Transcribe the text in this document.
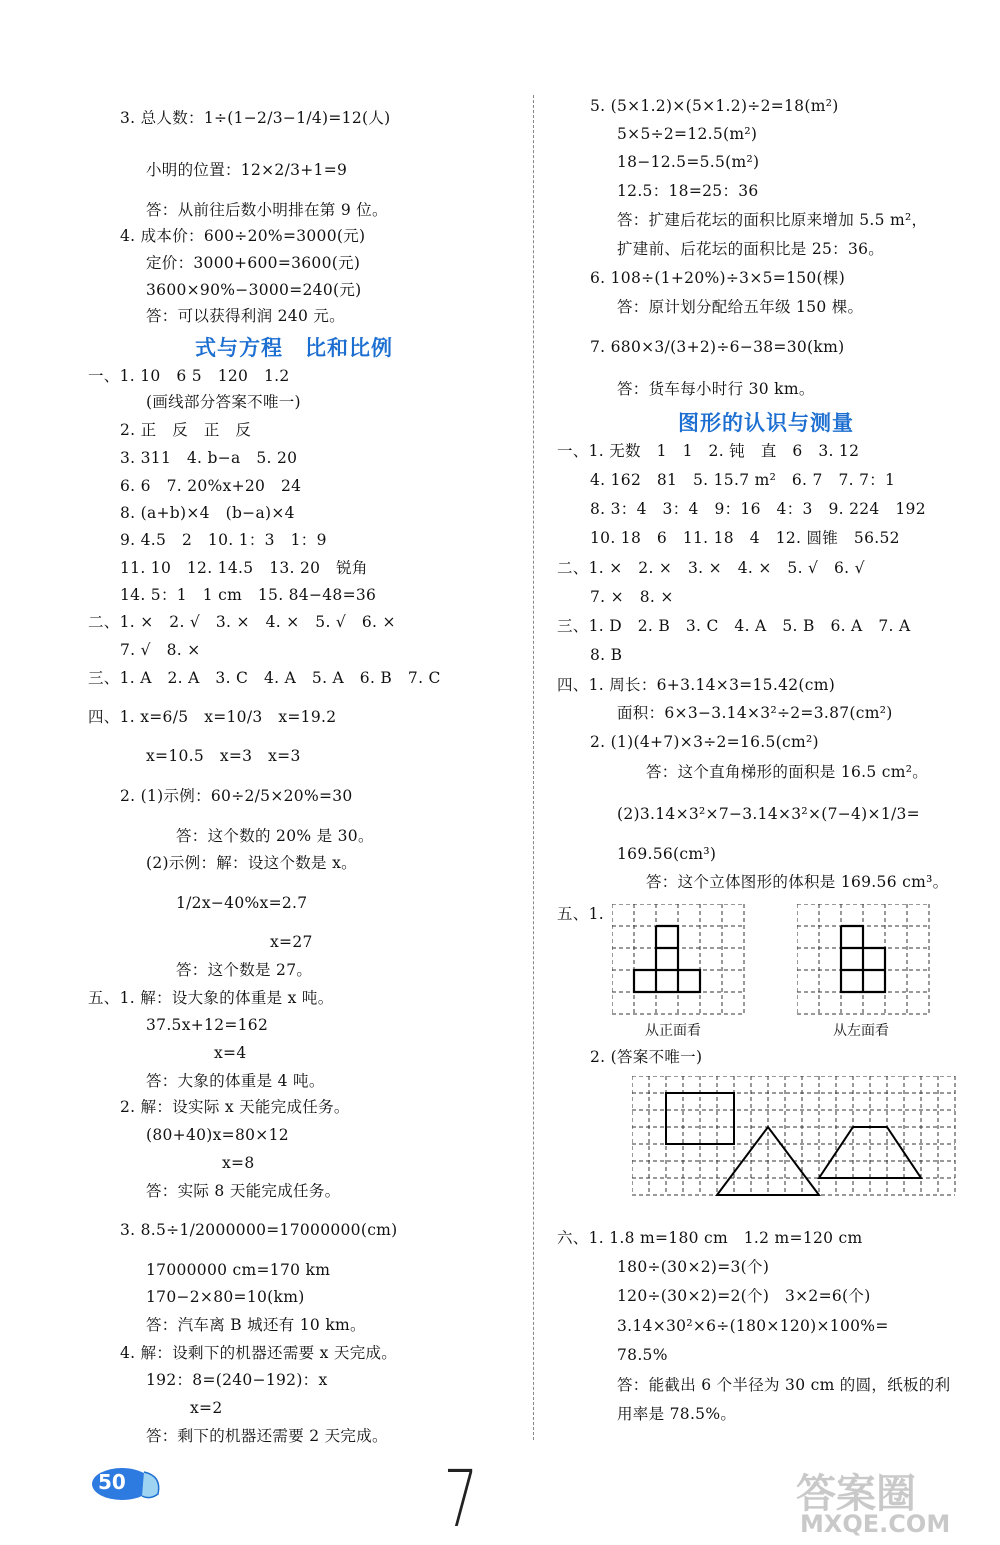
3. 总人数：1÷(1−2/3−1/4)=12(人)
小明的位置：12×2/3+1=9
答：从前往后数小明排在第 9 位。
4. 成本价：600÷20%=3000(元)
定价：3000+600=3600(元)
3600×90%−3000=240(元)
答：可以获得利润 240 元。
式与方程　比和比例
一、1. 10　6 5　120　1.2
(画线部分答案不唯一)
2. 正　反　正　反
3. 311　4. b−a　5. 20
6. 6　7. 20%x+20　24
8. (a+b)×4　(b−a)×4
9. 4.5　2　10. 1：3　1：9
11. 10　12. 14.5　13. 20　锐角
14. 5：1　1 cm　15. 84−48=36
二、1. ×　2. √　3. ×　4. ×　5. √　6. ×
7. √　8. ×
三、1. A　2. A　3. C　4. A　5. A　6. B　7. C
四、1. x=6/5　x=10/3　x=19.2
x=10.5　x=3　x=3
2. (1)示例：60÷2/5×20%=30
答：这个数的 20% 是 30。
(2)示例：解：设这个数是 x。
1/2x−40%x=2.7
x=27
答：这个数是 27。
五、1. 解：设大象的体重是 x 吨。
37.5x+12=162
x=4
答：大象的体重是 4 吨。
2. 解：设实际 x 天能完成任务。
(80+40)x=80×12
x=8
答：实际 8 天能完成任务。
3. 8.5÷1/2000000=17000000(cm)
17000000 cm=170 km
170−2×80=10(km)
答：汽车离 B 城还有 10 km。
4. 解：设剩下的机器还需要 x 天完成。
192：8=(240−192)：x
x=2
答：剩下的机器还需要 2 天完成。
5. (5×1.2)×(5×1.2)÷2=18(m²)
5×5÷2=12.5(m²)
18−12.5=5.5(m²)
12.5：18=25：36
答：扩建后花坛的面积比原来增加 5.5 m²，
扩建前、后花坛的面积比是 25：36。
6. 108÷(1+20%)÷3×5=150(棵)
答：原计划分配给五年级 150 棵。
7. 680×3/(3+2)÷6−38=30(km)
答：货车每小时行 30 km。
图形的认识与测量
一、1. 无数　1　1　2. 钝　直　6　3. 12
4. 162　81　5. 15.7 m²　6. 7　7. 7：1
8. 3：4　3：4　9：16　4：3　9. 224　192
10. 18　6　11. 18　4　12. 圆锥　56.52
二、1. ×　2. ×　3. ×　4. ×　5. √　6. √
7. ×　8. ×
三、1. D　2. B　3. C　4. A　5. B　6. A　7. A
8. B
四、1. 周长：6+3.14×3=15.42(cm)
面积：6×3−3.14×3²÷2=3.87(cm²)
2. (1)(4+7)×3÷2=16.5(cm²)
答：这个直角梯形的面积是 16.5 cm²。
(2)3.14×3²×7−3.14×3²×(7−4)×1/3=
169.56(cm³)
答：这个立体图形的体积是 169.56 cm³。
五、1.
从正面看	从左面看
2. (答案不唯一)
六、1. 1.8 m=180 cm　1.2 m=120 cm
180÷(30×2)=3(个)
120÷(30×2)=2(个)　3×2=6(个)
3.14×30²×6÷(180×120)×100%=
78.5%
答：能截出 6 个半径为 30 cm 的圆，纸板的利
用率是 78.5%。
50	7	答案圈
MXQE.COM
